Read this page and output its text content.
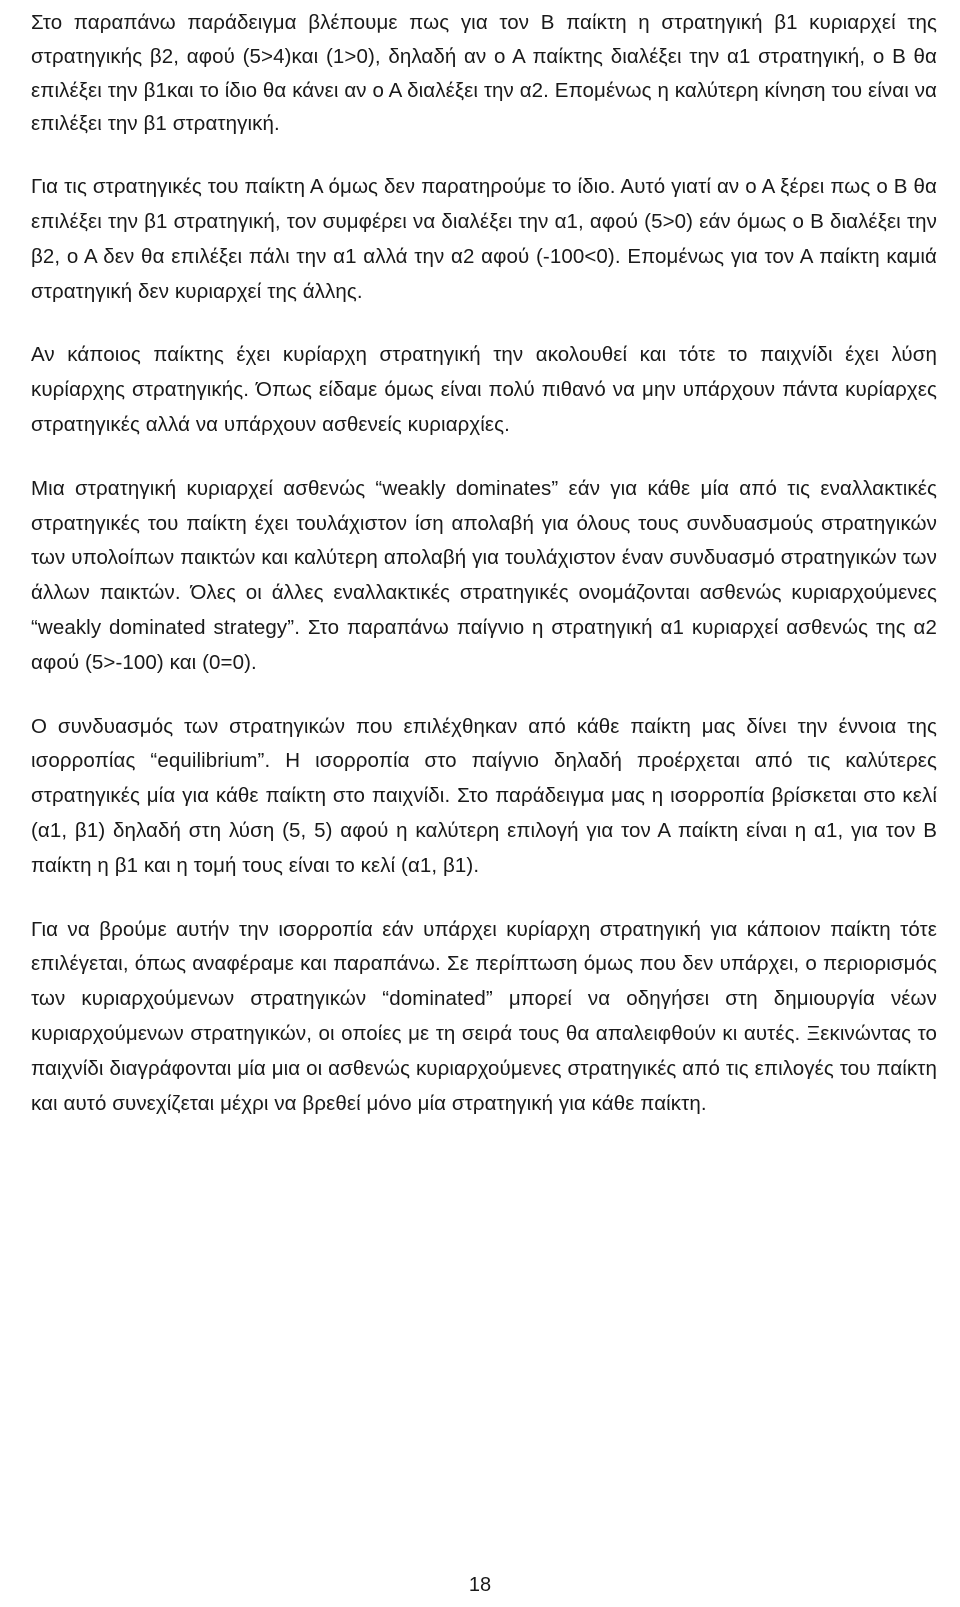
Στο παραπάνω παράδειγμα βλέπουμε πως για τον Β παίκτη η στρατηγική β1 κυριαρχεί της στρατηγικής β2, αφού (5>4)και (1>0), δηλαδή αν ο Α παίκτης διαλέξει την α1 στρατηγική, ο Β θα επιλέξει την β1και το ίδιο θα κάνει αν ο Α διαλέξει την α2. Επομένως η καλύτερη κίνηση του είναι να επιλέξει την β1 στρατηγική.

Για τις στρατηγικές του παίκτη Α όμως δεν παρατηρούμε το ίδιο. Αυτό γιατί αν ο Α ξέρει πως ο Β θα επιλέξει την β1 στρατηγική, τον συμφέρει να διαλέξει την α1, αφού (5>0) εάν όμως ο Β διαλέξει την β2, ο Α δεν θα επιλέξει πάλι την α1 αλλά την α2 αφού (-100<0). Επομένως για τον Α παίκτη καμιά στρατηγική δεν κυριαρχεί της άλλης.

Αν κάποιος παίκτης έχει κυρίαρχη στρατηγική την ακολουθεί και τότε το παιχνίδι έχει λύση κυρίαρχης στρατηγικής. Όπως είδαμε όμως είναι πολύ πιθανό να μην υπάρχουν πάντα κυρίαρχες στρατηγικές αλλά να υπάρχουν ασθενείς κυριαρχίες.

Μια στρατηγική κυριαρχεί ασθενώς “weakly dominates” εάν για κάθε μία από τις εναλλακτικές στρατηγικές του παίκτη έχει τουλάχιστον ίση απολαβή για όλους τους συνδυασμούς στρατηγικών των υπολοίπων παικτών και καλύτερη απολαβή για τουλάχιστον έναν συνδυασμό στρατηγικών των άλλων παικτών. Όλες οι άλλες εναλλακτικές στρατηγικές ονομάζονται ασθενώς κυριαρχούμενες “weakly dominated strategy”. Στο παραπάνω παίγνιο η στρατηγική α1 κυριαρχεί ασθενώς της α2 αφού (5>-100) και (0=0).

Ο συνδυασμός των στρατηγικών που επιλέχθηκαν από κάθε παίκτη μας δίνει την έννοια της ισορροπίας “equilibrium”. Η ισορροπία στο παίγνιο δηλαδή προέρχεται από τις καλύτερες στρατηγικές μία για κάθε παίκτη στο παιχνίδι. Στο παράδειγμα μας η ισορροπία βρίσκεται στο κελί (α1, β1) δηλαδή στη λύση (5, 5) αφού η καλύτερη επιλογή για τον Α παίκτη είναι η α1, για τον Β παίκτη η β1 και η τομή τους είναι το κελί (α1, β1).

Για να βρούμε αυτήν την ισορροπία εάν υπάρχει κυρίαρχη στρατηγική για κάποιον παίκτη τότε επιλέγεται, όπως αναφέραμε και παραπάνω. Σε περίπτωση όμως που δεν υπάρχει, ο περιορισμός των κυριαρχούμενων στρατηγικών “dominated” μπορεί να οδηγήσει στη δημιουργία νέων κυριαρχούμενων στρατηγικών, οι οποίες με τη σειρά τους θα απαλειφθούν κι αυτές. Ξεκινώντας το παιχνίδι διαγράφονται μία μια οι ασθενώς κυριαρχούμενες στρατηγικές από τις επιλογές του παίκτη και αυτό συνεχίζεται μέχρι να βρεθεί μόνο μία στρατηγική για κάθε παίκτη.

18
